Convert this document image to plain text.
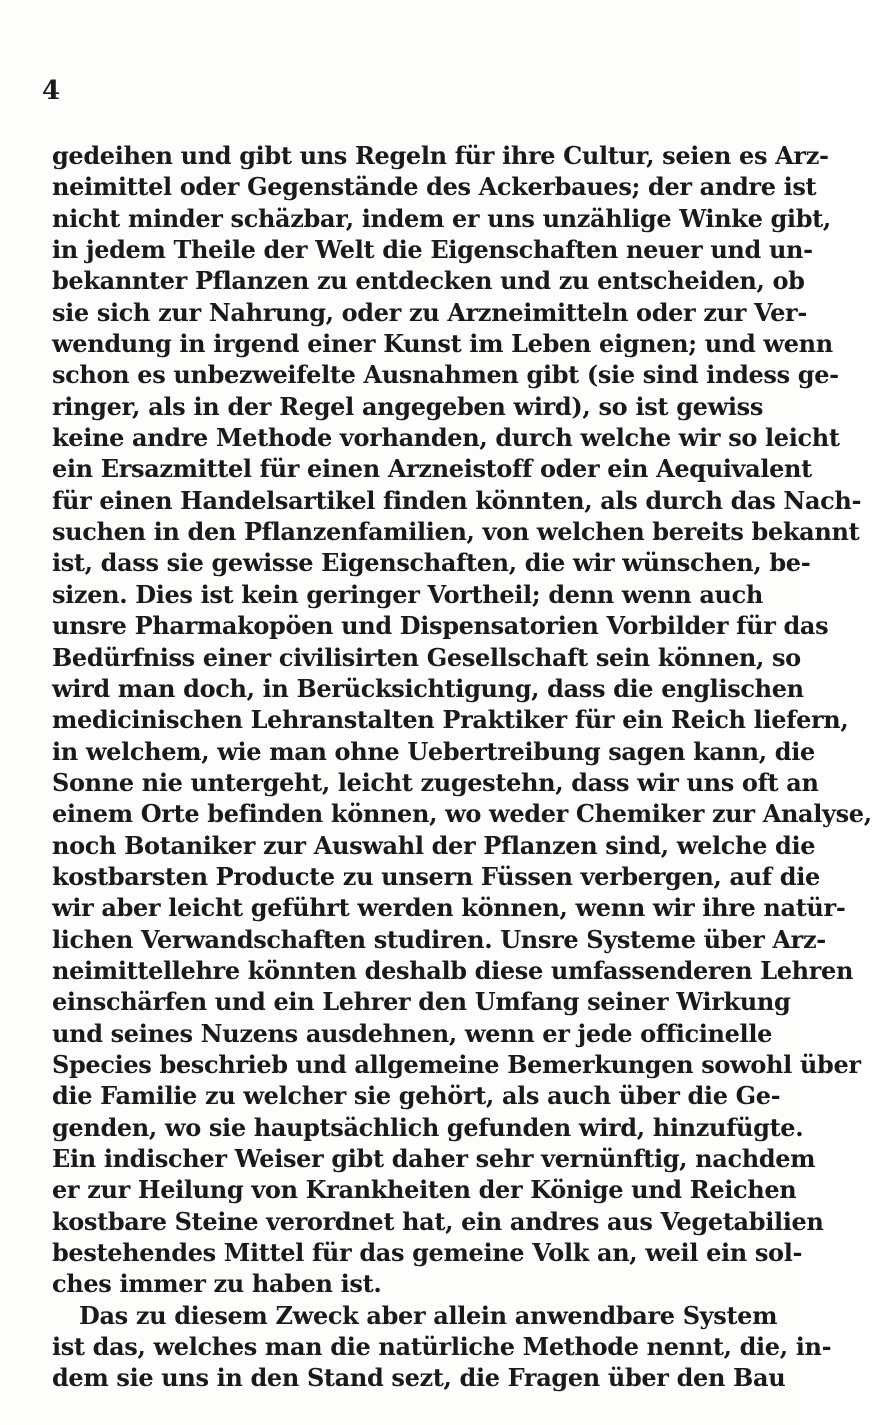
4
gedeihen und gibt uns Regeln für ihre Cultur, seien es Arz-
neimittel oder Gegenstände des Ackerbaues; der andre ist
nicht minder schäzbar, indem er uns unzählige Winke gibt,
in jedem Theile der Welt die Eigenschaften neuer und un-
bekannter Pflanzen zu entdecken und zu entscheiden, ob
sie sich zur Nahrung, oder zu Arzneimitteln oder zur Ver-
wendung in irgend einer Kunst im Leben eignen; und wenn
schon es unbezweifelte Ausnahmen gibt (sie sind indess ge-
ringer, als in der Regel angegeben wird), so ist gewiss
keine andre Methode vorhanden, durch welche wir so leicht
ein Ersazmittel für einen Arzneistoff oder ein Aequivalent
für einen Handelsartikel finden könnten, als durch das Nach-
suchen in den Pflanzenfamilien, von welchen bereits bekannt
ist, dass sie gewisse Eigenschaften, die wir wünschen, be-
sizen. Dies ist kein geringer Vortheil; denn wenn auch
unsre Pharmakopöen und Dispensatorien Vorbilder für das
Bedürfniss einer civilisirten Gesellschaft sein können, so
wird man doch, in Berücksichtigung, dass die englischen
medicinischen Lehranstalten Praktiker für ein Reich liefern,
in welchem, wie man ohne Uebertreibung sagen kann, die
Sonne nie untergeht, leicht zugestehn, dass wir uns oft an
einem Orte befinden können, wo weder Chemiker zur Analyse,
noch Botaniker zur Auswahl der Pflanzen sind, welche die
kostbarsten Producte zu unsern Füssen verbergen, auf die
wir aber leicht geführt werden können, wenn wir ihre natür-
lichen Verwandschaften studiren. Unsre Systeme über Arz-
neimittellehre könnten deshalb diese umfassenderen Lehren
einschärfen und ein Lehrer den Umfang seiner Wirkung
und seines Nuzens ausdehnen, wenn er jede officinelle
Species beschrieb und allgemeine Bemerkungen sowohl über
die Familie zu welcher sie gehört, als auch über die Ge-
genden, wo sie hauptsächlich gefunden wird, hinzufügte.
Ein indischer Weiser gibt daher sehr vernünftig, nachdem
er zur Heilung von Krankheiten der Könige und Reichen
kostbare Steine verordnet hat, ein andres aus Vegetabilien
bestehendes Mittel für das gemeine Volk an, weil ein sol-
ches immer zu haben ist.
Das zu diesem Zweck aber allein anwendbare System
ist das, welches man die natürliche Methode nennt, die, in-
dem sie uns in den Stand sezt, die Fragen über den Bau
